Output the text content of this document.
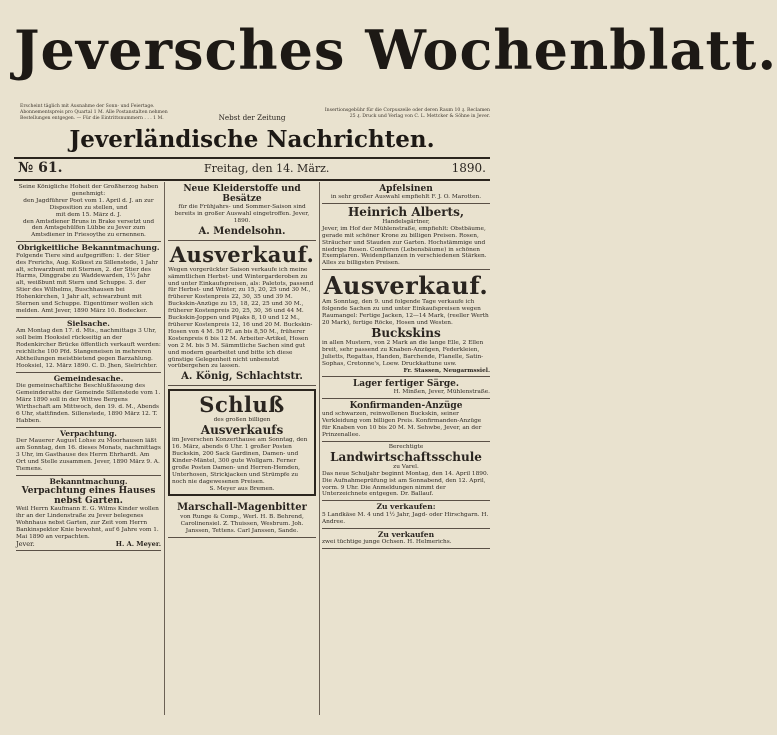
Jeversches Wochenblatt.
Erscheint täglich mit Ausnahme der Sonn- und Feiertage. Abonnementspreis pro Quartal 1 M. Alle Postanstalten nehmen Bestellungen entgegen. — Für die Eintrittsnummern . . . 1 M.	Nebst der Zeitung
Insertionsgebühr für die Corpuszeile oder deren Raum 10 ₰. Reclamen 25 ₰. Druck und Verlag von C. L. Mettcker & Söhne in Jever.
Jeverländische Nachrichten.
№ 61.	Freitag, den 14. März.	1890.
Seine Königliche Hoheit der Großherzog haben genehmigt:
den Jagdführer Poot vom 1. April d. J. an zur Disposition zu stellen, und
mit dem 15. März d. J.
den Amtsdiener Bruns in Brake versetzt und
den Amtsgehülfen Lübbe zu Jever zum Amtsdiener in Friesoythe zu ernennen.
Obrigkeitliche Bekanntmachung.
Folgende Tiere sind aufgegriffen: 1. der Stier des Frerichs, Aug. Kolkest zu Sillenstede, 1 Jahr alt, schwarzbunt mit Sternen, 2. der Stier des Harms, Dinggrabe zu Waddewarden, 1½ Jahr alt, weißbunt mit Stern und Schuppe. 3. der Stier des Wilhelms, Buschhausen bei Hohenkirchen, 1 Jahr alt, schwarzbunt mit Sternen und Schuppe. Eigentümer wollen sich melden. Amt Jever, 1890 März 10. Bodecker.
Sielsache.
Am Montag den 17. d. Mts., nachmittags 3 Uhr, soll beim Hooksiel rückseitig an der Rodenkircher Brücke öffentlich verkauft werden: reichliche 100 Pfd. Stangeneisen in mehreren Abtheilungen meistbietend gegen Barzahlung. Hooksiel, 12. März 1890. C. D. Jhen, Sielrichter.
Gemeindesache.
Die gemeinschaftliche Beschlußfassung des Gemeinderaths der Gemeinde Sillenstede vom 1. März 1890 soll in der Wittwe Bergens Wirthschaft am Mittwoch, den 19. d. M., Abends 6 Uhr, stattfinden. Sillenstede, 1890 März 12. T. Habben.
Verpachtung.
Der Mauerer August Lohse zu Moorhausen läßt am Sonntag, den 16. dieses Monats, nachmittags 3 Uhr, im Gasthause des Herrn Ehrhardt. Am Ort und Stelle zusammen. Jever, 1890 März 9. A. Tiemens.
Bekanntmachung.
Verpachtung eines Hauses nebst Garten.
Weil Herrn Kaufmann E. G. Wilms Kinder wollen ihr an der Lindenstraße zu Jever belegenes Wohnhaus nebst Garten, zur Zeit vom Herrn Bankinspektor Knie bewohnt, auf 6 Jahre vom 1. Mai 1890 an verpachten.
Jever.	H. A. Meyer.
Neue Kleiderstoffe und Besätze
für die Frühjahrs- und Sommer-Saison sind bereits in großer Auswahl eingetroffen. Jever, 1890.
A. Mendelsohn.
Ausverkauf.
Wegen vorgerückter Saison verkaufe ich meine sämmtlichen Herbst- und Wintergarderoben zu und unter Einkaufspreisen, als: Paletots, passend für Herbst- und Winter, zu 15, 20, 25 und 30 M., früherer Kostenpreis 22, 30, 35 und 39 M. Buckskin-Anzüge zu 15, 18, 22, 25 und 30 M., früherer Kostenpreis 20, 25, 30, 36 und 44 M. Buckskin-Joppen und Pijaks 8, 10 und 12 M., früherer Kostenpreis 12, 16 und 20 M. Buckskin-Hosen von 4 M. 50 Pf. an bis 8,50 M., früherer Kostenpreis 6 bis 12 M. Arbeiter-Artikel, Hosen von 2 M. bis 5 M. Sämmtliche Sachen sind gut und modern gearbeitet und bitte ich diese günstige Gelegenheit nicht unbenutzt vorübergehen zu lassen.
A. König, Schlachtstr.
Schluß
des großen billigen
Ausverkaufs
im Jeverschen Konzerthause am Sonntag, den 16. März, abends 6 Uhr. 1 großer Posten Buckskin, 200 Sack Gardinen, Damen- und Kinder-Mäntel, 300 gute Wollgarn. Ferner große Posten Damen- und Herren-Hemden, Unterhosen, Strickjacken und Strümpfe zu noch nie dagewesenen Preisen.
S. Meyer aus Bremen.
Marschall-Magenbitter
von Runge & Comp., Werl. H. B. Behrend, Carolinensiel. Z. Thuissen, Wesbrum. Joh. Janssen, Tettens. Carl Janssen, Sande.
Apfelsinen
in sehr großer Auswahl empfiehlt F. J. O. Marotten.
Heinrich Alberts,
Handelsgärtner,
Jever, im Hof der Mühlenstraße, empfiehlt: Obstbäume, gerade mit schöner Krone zu billigen Preisen. Rosen, Sträucher und Stauden zur Garten. Hochstämmige und niedrige Rosen. Coniferen (Lebensbäume) in schönen Exemplaren. Weidenpflanzen in verschiedenen Stärken. Alles zu billigsten Preisen.
Ausverkauf.
Am Sonntag, den 9. und folgende Tage verkaufe ich folgende Sachen zu und unter Einkaufspreisen wegen Raumangel: Fertige Jacken, 12—14 Mark, (reeller Werth 20 Mark), fertige Röcke, Hosen und Westen.
Buckskins
in allen Mustern, von 2 Mark an die lange Elle, 2 Ellen breit, sehr passend zu Knaben-Anzügen, Federkleien, Julietts, Regattas, Handen, Barchende, Flanelle, Satin-Sophas, Cretonne's, Loew. Druckkattune usw.
Fr. Stassen, Neugarmssiel.
Lager fertiger Särge.
H. Minßen, Jever, Mühlenstraße.
Konfirmanden-Anzüge
und schwarzen, reinwollenen Buckskin, seiner Verkleidung vom billigen Preis. Konfirmanden-Anzüge für Knaben von 10 bis 20 M. M. Sehwbe, Jever, an der Prinzenallee.
Berechtigte
Landwirtschaftsschule
zu Varel.
Das neue Schuljahr beginnt Montag, den 14. April 1890. Die Aufnahmeprüfung ist am Sonnabend, den 12. April, vorm. 9 Uhr. Die Anmeldungen nimmt der Unterzeichnete entgegen. Dr. Ballauf.
Zu verkaufen:
5 Landkäse M. 4 und 1½ Jahr, Jagd- oder Hirschgarn. H. Andree.
Zu verkaufen
zwei tüchtige junge Ochsen. H. Helmerichs.
